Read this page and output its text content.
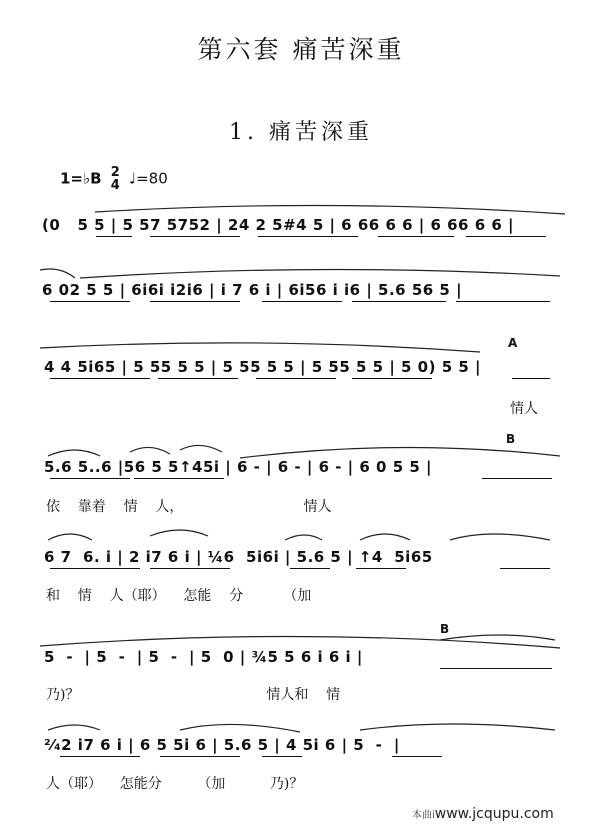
第六套 痛苦深重
1. 痛苦深重
1=♭B 2
4 ♩=80
(0   5 5 | 5 57 5752 | 24 2 5#4 5 | 6 66 6 6 | 6 66 6 6 |
6 02 5 5 | 6i6i i2i6 | i 7 6 i | 6i56 i i6 | 5.6 56 5 |
4 4 5i65 | 5 55 5 5 | 5 55 5 5 | 5 55 5 5 | 5 0) 5 5 |
情人
5.6 5..6 |56 5 5↑45i | 6 - | 6 - | 6 - | 6 0 5 5 |
依    靠着    情    人，                           情人
6 7  6. i | 2 i7 6 i | ¼6  5i6i | 5.6 5 | ↑4  5i65
和    情    人（耶）    怎能    分         （加
5  -  | 5  -  | 5  -  | 5  0 | ¾5 5 6 i 6 i |
乃)？                                          情人和    情
²⁄₄2 i7 6 i | 6 5 5i 6 | 5.6 5 | 4 5i 6 | 5  -  |
人（耶）    怎能分        （加          乃)？
A
B
B
本曲iwww.jcqupu.com
